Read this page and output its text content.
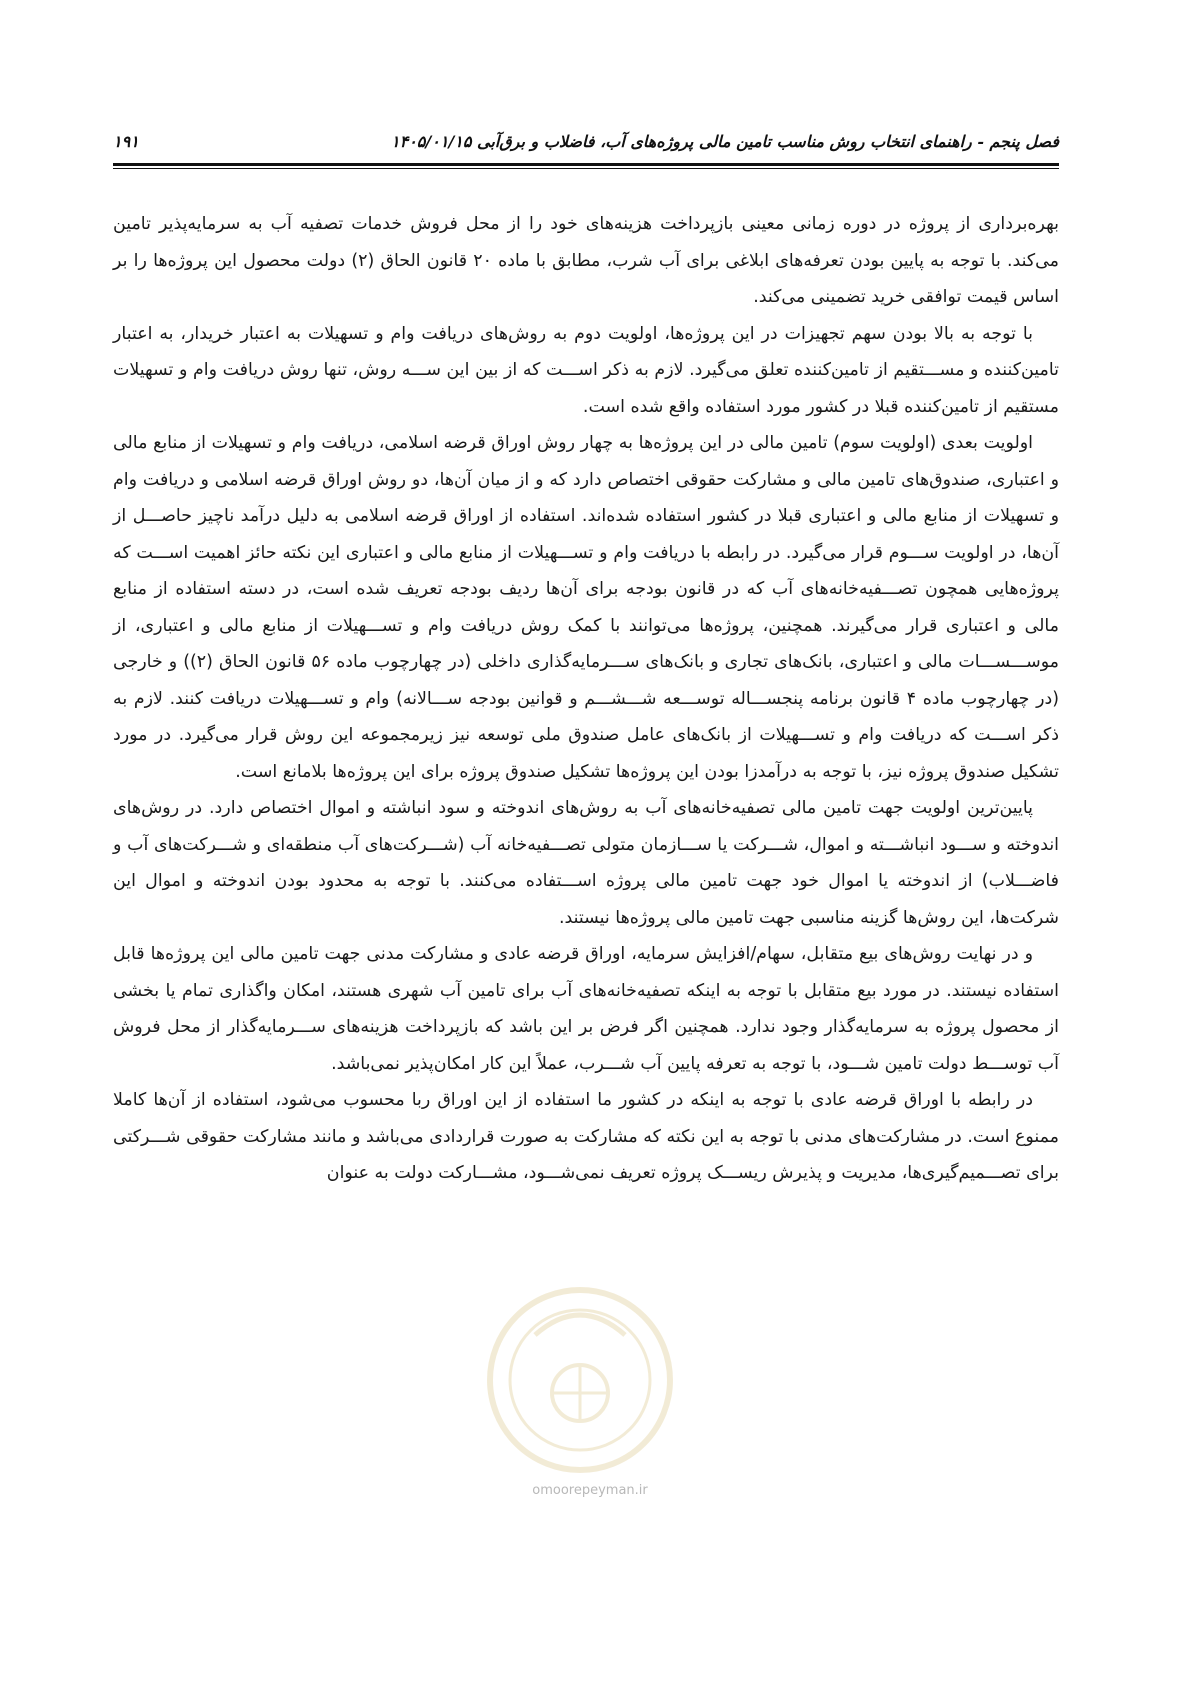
فصل پنجم - راهنمای انتخاب روش مناسب تامین مالی پروژه‌های آب، فاضلاب و برق‌آبی ۱۴۰۵/۰۱/۱۵
۱۹۱

بهره‌برداری از پروژه در دوره زمانی معینی بازپرداخت هزینه‌های خود را از محل فروش خدمات تصفیه آب به سرمایه‌پذیر تامین می‌کند. با توجه به پایین بودن تعرفه‌های ابلاغی برای آب شرب، مطابق با ماده ۲۰ قانون الحاق (۲) دولت محصول این پروژه‌ها را بر اساس قیمت توافقی خرید تضمینی می‌کند.

با توجه به بالا بودن سهم تجهیزات در این پروژه‌ها، اولویت دوم به روش‌های دریافت وام و تسهیلات به اعتبار خریدار، به اعتبار تامین‌کننده و مســـتقیم از تامین‌کننده تعلق می‌گیرد. لازم به ذکر اســـت که از بین این ســـه روش، تنها روش دریافت وام و تسهیلات مستقیم از تامین‌کننده قبلا در کشور مورد استفاده واقع شده است.

اولویت بعدی (اولویت سوم) تامین مالی در این پروژه‌ها به چهار روش اوراق قرضه اسلامی، دریافت وام و تسهیلات از منابع مالی و اعتباری، صندوق‌های تامین مالی و مشارکت حقوقی اختصاص دارد که و از میان آن‌ها، دو روش اوراق قرضه اسلامی و دریافت وام و تسهیلات از منابع مالی و اعتباری قبلا در کشور استفاده شده‌اند. استفاده از اوراق قرضه اسلامی به دلیل درآمد ناچیز حاصـــل از آن‌ها، در اولویت ســـوم قرار می‌گیرد. در رابطه با دریافت وام و تســـهیلات از منابع مالی و اعتباری این نکته حائز اهمیت اســـت که پروژه‌هایی همچون تصـــفیه‌خانه‌های آب که در قانون بودجه برای آن‌ها ردیف بودجه تعریف شده است، در دسته استفاده از منابع مالی و اعتباری قرار می‌گیرند. همچنین، پروژه‌ها می‌توانند با کمک روش دریافت وام و تســـهیلات از منابع مالی و اعتباری، از موســـســـات مالی و اعتباری، بانک‌های تجاری و بانک‌های ســـرمایه‌گذاری داخلی (در چهارچوب ماده ۵۶ قانون الحاق (۲)) و خارجی (در چهارچوب ماده ۴ قانون برنامه پنجســـاله توســـعه شـــشـــم و قوانین بودجه ســـالانه) وام و تســـهیلات دریافت کنند. لازم به ذکر اســـت که دریافت وام و تســـهیلات از بانک‌های عامل صندوق ملی توسعه نیز زیرمجموعه این روش قرار می‌گیرد. در مورد تشکیل صندوق پروژه نیز، با توجه به درآمدزا بودن این پروژه‌ها تشکیل صندوق پروژه برای این پروژه‌ها بلامانع است.

پایین‌ترین اولویت جهت تامین مالی تصفیه‌خانه‌های آب به روش‌های اندوخته و سود انباشته و اموال اختصاص دارد. در روش‌های اندوخته و ســـود انباشـــته و اموال، شـــرکت یا ســـازمان متولی تصـــفیه‌خانه آب (شـــرکت‌های آب منطقه‌ای و شـــرکت‌های آب و فاضـــلاب) از اندوخته یا اموال خود جهت تامین مالی پروژه اســـتفاده می‌کنند. با توجه به محدود بودن اندوخته و اموال این شرکت‌ها، این روش‌ها گزینه مناسبی جهت تامین مالی پروژه‌ها نیستند.

و در نهایت روش‌های بیع متقابل، سهام/افزایش سرمایه، اوراق قرضه عادی و مشارکت مدنی جهت تامین مالی این پروژه‌ها قابل استفاده نیستند. در مورد بیع متقابل با توجه به اینکه تصفیه‌خانه‌های آب برای تامین آب شهری هستند، امکان واگذاری تمام یا بخشی از محصول پروژه به سرمایه‌گذار وجود ندارد. همچنین اگر فرض بر این باشد که بازپرداخت هزینه‌های ســـرمایه‌گذار از محل فروش آب توســـط دولت تامین شـــود، با توجه به تعرفه پایین آب شـــرب، عملاً این کار امکان‌پذیر نمی‌باشد.

در رابطه با اوراق قرضه عادی با توجه به اینکه در کشور ما استفاده از این اوراق ربا محسوب می‌شود، استفاده از آن‌ها کاملا ممنوع است. در مشارکت‌های مدنی با توجه به این نکته که مشارکت به صورت قراردادی می‌باشد و مانند مشارکت حقوقی شـــرکتی برای تصـــمیم‌گیری‌ها، مدیریت و پذیرش ریســـک پروژه تعریف نمی‌شـــود، مشـــارکت دولت به عنوان

omoorepeyman.ir
